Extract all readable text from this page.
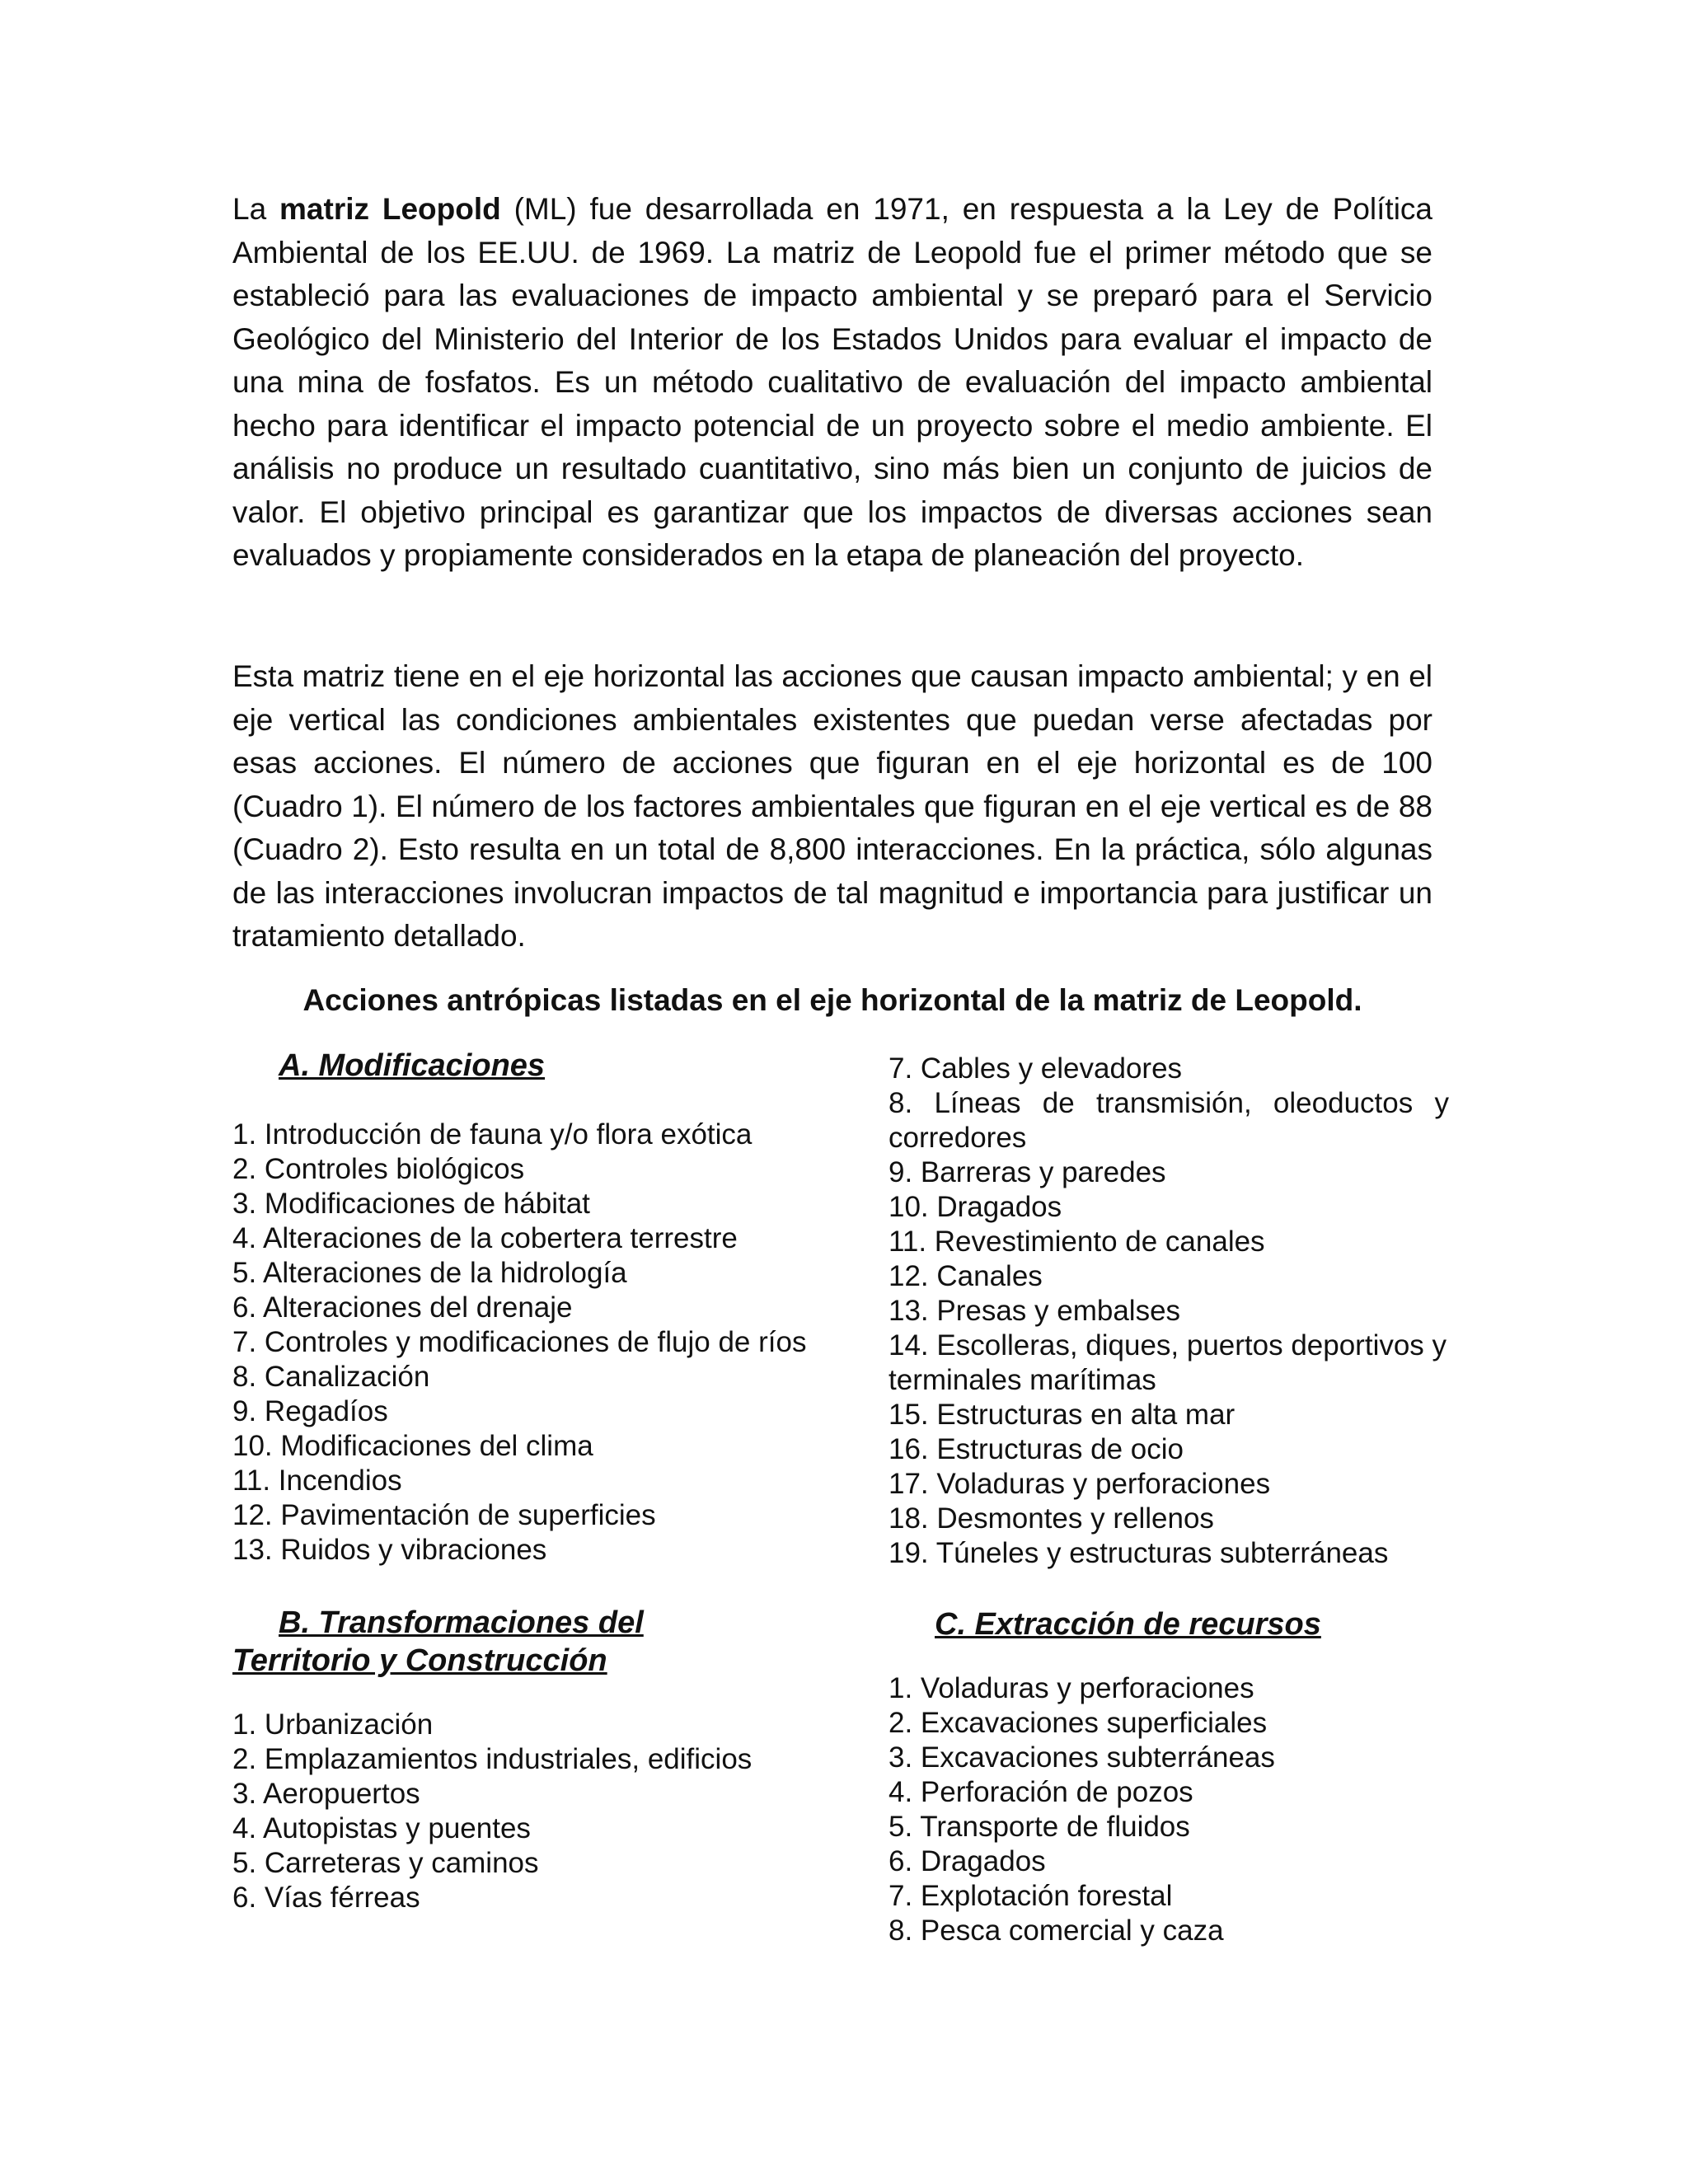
La matriz Leopold (ML) fue desarrollada en 1971, en respuesta a la Ley de Política Ambiental de los EE.UU. de 1969. La matriz de Leopold fue el primer método que se estableció para las evaluaciones de impacto ambiental y se preparó para el Servicio Geológico del Ministerio del Interior de los Estados Unidos para evaluar el impacto de una mina de fosfatos. Es un método cualitativo de evaluación del impacto ambiental hecho para identificar el impacto potencial de un proyecto sobre el medio ambiente. El análisis no produce un resultado cuantitativo, sino más bien un conjunto de juicios de valor. El objetivo principal es garantizar que los impactos de diversas acciones sean evaluados y propiamente considerados en la etapa de planeación del proyecto.

Esta matriz tiene en el eje horizontal las acciones que causan impacto ambiental; y en el eje vertical las condiciones ambientales existentes que puedan verse afectadas por esas acciones. El número de acciones que figuran en el eje horizontal es de 100 (Cuadro 1). El número de los factores ambientales que figuran en el eje vertical es de 88 (Cuadro 2). Esto resulta en un total de 8,800 interacciones. En la práctica, sólo algunas de las interacciones involucran impactos de tal magnitud e importancia para justificar un tratamiento detallado.

Acciones antrópicas listadas en el eje horizontal de la matriz de Leopold.
A. Modificaciones
1. Introducción de fauna y/o flora exótica
2. Controles biológicos
3. Modificaciones de hábitat
4. Alteraciones de la cobertera terrestre
5. Alteraciones de la hidrología
6. Alteraciones del drenaje
7. Controles y modificaciones de flujo de ríos
8. Canalización
9. Regadíos
10. Modificaciones del clima
11. Incendios
12. Pavimentación de superficies
13. Ruidos y vibraciones
B. Transformaciones del
Territorio y Construcción
1. Urbanización
2. Emplazamientos industriales, edificios
3. Aeropuertos
4. Autopistas y puentes
5. Carreteras y caminos
6. Vías férreas
7. Cables y elevadores
8. Líneas de transmisión, oleoductos y corredores
9. Barreras y paredes
10. Dragados
11. Revestimiento de canales
12. Canales
13. Presas y embalses
14. Escolleras, diques, puertos deportivos y terminales marítimas
15. Estructuras en alta mar
16. Estructuras de ocio
17. Voladuras y perforaciones
18. Desmontes y rellenos
19. Túneles y estructuras subterráneas
C. Extracción de recursos
1. Voladuras y perforaciones
2. Excavaciones superficiales
3. Excavaciones subterráneas
4. Perforación de pozos
5. Transporte de fluidos
6. Dragados
7. Explotación forestal
8. Pesca comercial y caza
